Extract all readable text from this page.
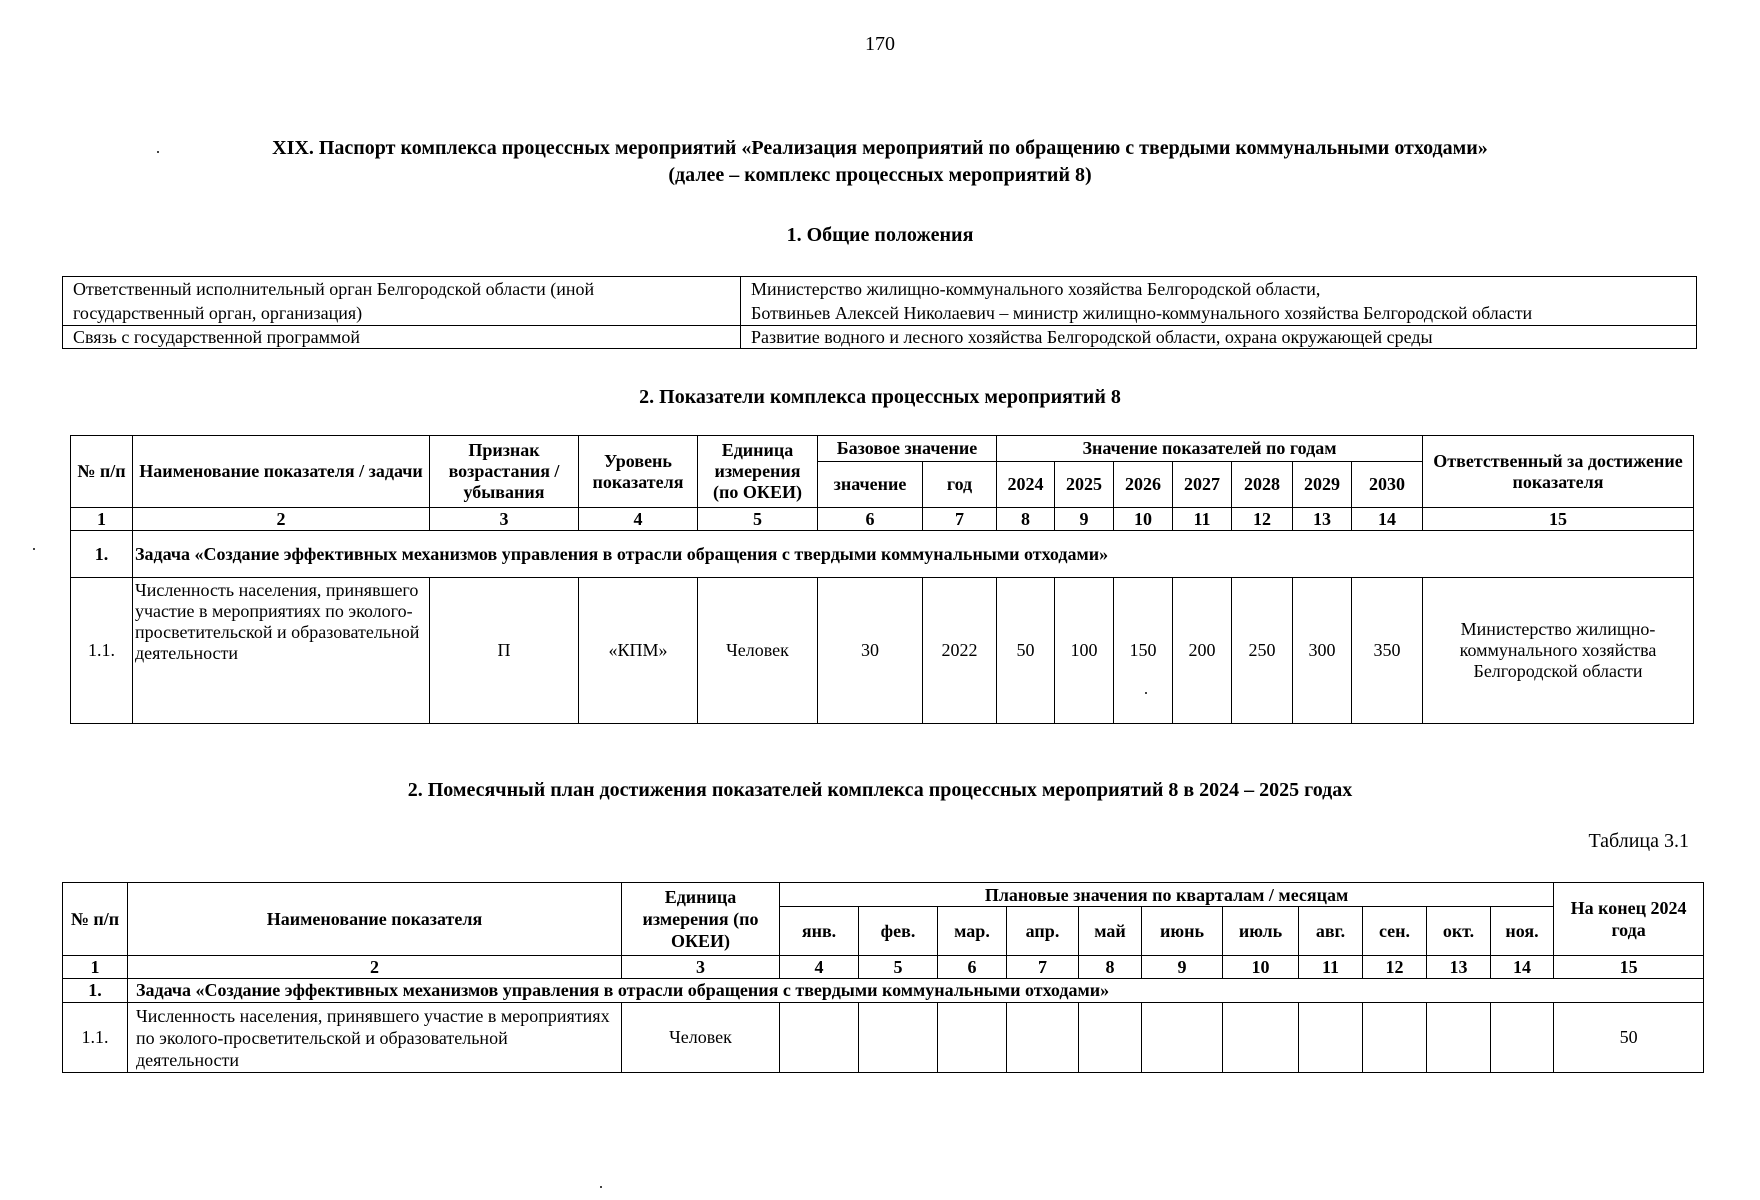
170
XIX. Паспорт комплекса процессных мероприятий «Реализация мероприятий по обращению с твердыми коммунальными отходами»
(далее – комплекс процессных мероприятий 8)
1. Общие положения
Ответственный исполнительный орган Белгородской области (иной государственный орган, организация)	Министерство жилищно-коммунального хозяйства Белгородской области,
Ботвиньев Алексей Николаевич – министр жилищно-коммунального хозяйства Белгородской области

Связь с государственной программой	Развитие водного и лесного хозяйства Белгородской области, охрана окружающей среды
2. Показатели комплекса процессных мероприятий 8
№ п/п	Наименование показателя / задачи	Признак возрастания / убывания	Уровень показателя	Единица измерения (по ОКЕИ)	Базовое значение		Значение показателей по годам							Ответственный за достижение показателя
					значение	год	2024	2025	2026	2027	2028	2029	2030	
1	2	3	4	5	6	7	8	9	10	11	12	13	14	15
1.	Задача «Создание эффективных механизмов управления в отрасли обращения с твердыми коммунальными отходами»													
1.1.	Численность населения, принявшего участие в мероприятиях по эколого-просветительской и образовательной деятельности	П	«КПМ»	Человек	30	2022	50	100	150	200	250	300	350	Министерство жилищно-коммунального хозяйства Белгородской области
2. Помесячный план достижения показателей комплекса процессных мероприятий 8 в 2024 – 2025 годах
Таблица 3.1
№ п/п	Наименование показателя	Единица измерения (по ОКЕИ)	Плановые значения по кварталам / месяцам											На конец 2024 года
			янв.	фев.	мар.	апр.	май	июнь	июль	авг.	сен.	окт.	ноя.	
1	2	3	4	5	6	7	8	9	10	11	12	13	14	15
1.	Задача «Создание эффективных механизмов управления в отрасли обращения с твердыми коммунальными отходами»													
1.1.	Численность населения, принявшего участие в мероприятиях по эколого-просветительской и образовательной деятельности	Человек												50
